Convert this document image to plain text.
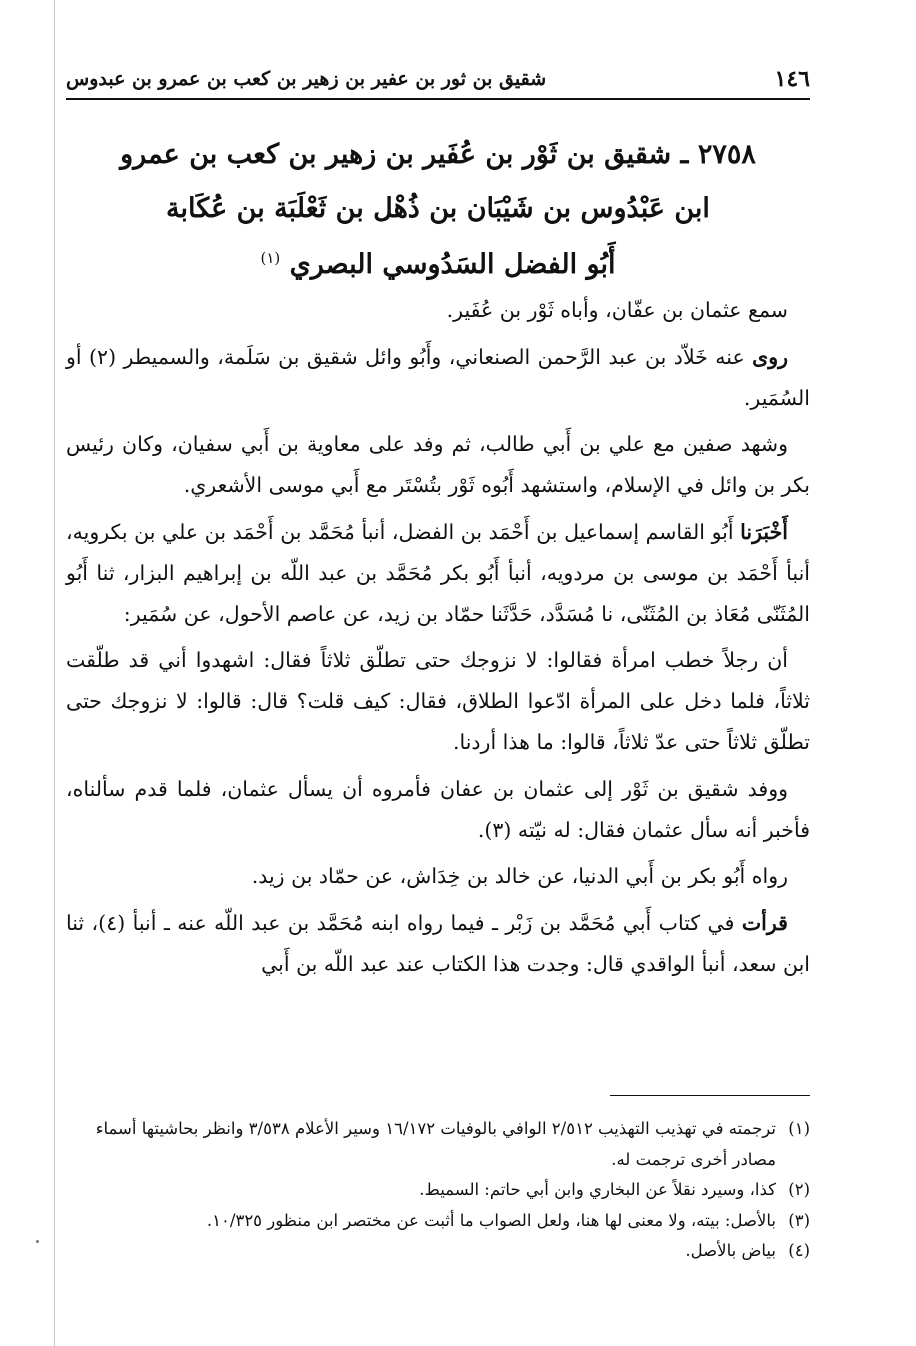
١٤٦
شقيق بن ثور بن عفير بن زهير بن كعب بن عمرو بن عبدوس
٢٧٥٨ ـ شقيق بن ثَوْر بن عُفَير بن زهير بن كعب بن عمرو
ابن عَبْدُوس بن شَيْبَان بن ذُهْل بن ثَعْلَبَة بن عُكَابة
أَبُو الفضل السَدُوسي البصري $^{(١)}$

سمع عثمان بن عفّان، وأباه ثَوْر بن عُفَير.

روى عنه خَلاّد بن عبد الرَّحمن الصنعاني، وأَبُو وائل شقيق بن سَلَمة، والسميطر (٢) أو السُمَير.

وشهد صفين مع علي بن أَبي طالب، ثم وفد على معاوية بن أَبي سفيان، وكان رئيس بكر بن وائل في الإسلام، واستشهد أَبُوه ثَوْر بتُسْتَر مع أَبي موسى الأشعري.

أَخْبَرَنا أَبُو القاسم إسماعيل بن أَحْمَد بن الفضل، أنبأ مُحَمَّد بن أَحْمَد بن علي بن بكرويه، أنبأ أَحْمَد بن موسى بن مردويه، أنبأ أَبُو بكر مُحَمَّد بن عبد اللّه بن إبراهيم البزار، ثنا أَبُو المُثَنّى مُعَاذ بن المُثَنّى، نا مُسَدَّد، حَدَّثَنا حمّاد بن زيد، عن عاصم الأحول، عن سُمَير:

أن رجلاً خطب امرأة فقالوا: لا نزوجك حتى تطلّق ثلاثاً فقال: اشهدوا أني قد طلّقت ثلاثاً، فلما دخل على المرأة ادّعوا الطلاق، فقال: كيف قلت؟ قال: قالوا: لا نزوجك حتى تطلّق ثلاثاً حتى عدّ ثلاثاً، قالوا: ما هذا أردنا.

ووفد شقيق بن ثَوْر إلى عثمان بن عفان فأمروه أن يسأل عثمان، فلما قدم سألناه، فأخبر أنه سأل عثمان فقال: له نيّته (٣).

رواه أَبُو بكر بن أَبي الدنيا، عن خالد بن خِدَاش، عن حمّاد بن زيد.

قرأت في كتاب أَبي مُحَمَّد بن زَبْر ـ فيما رواه ابنه مُحَمَّد بن عبد اللّه عنه ـ أنبأ (٤)، ثنا ابن سعد، أنبأ الواقدي قال: وجدت هذا الكتاب عند عبد اللّه بن أَبي

(١)
ترجمته في تهذيب التهذيب ٢/٥١٢ الوافي بالوفيات ١٦/١٧٢ وسير الأعلام ٣/٥٣٨ وانظر بحاشيتها أسماء مصادر أخرى ترجمت له.
(٢)
كذا، وسيرد نقلاً عن البخاري وابن أبي حاتم: السميط.
(٣)
بالأصل: بيته، ولا معنى لها هنا، ولعل الصواب ما أثبت عن مختصر ابن منظور ١٠/٣٢٥.
(٤)
بياض بالأصل.
